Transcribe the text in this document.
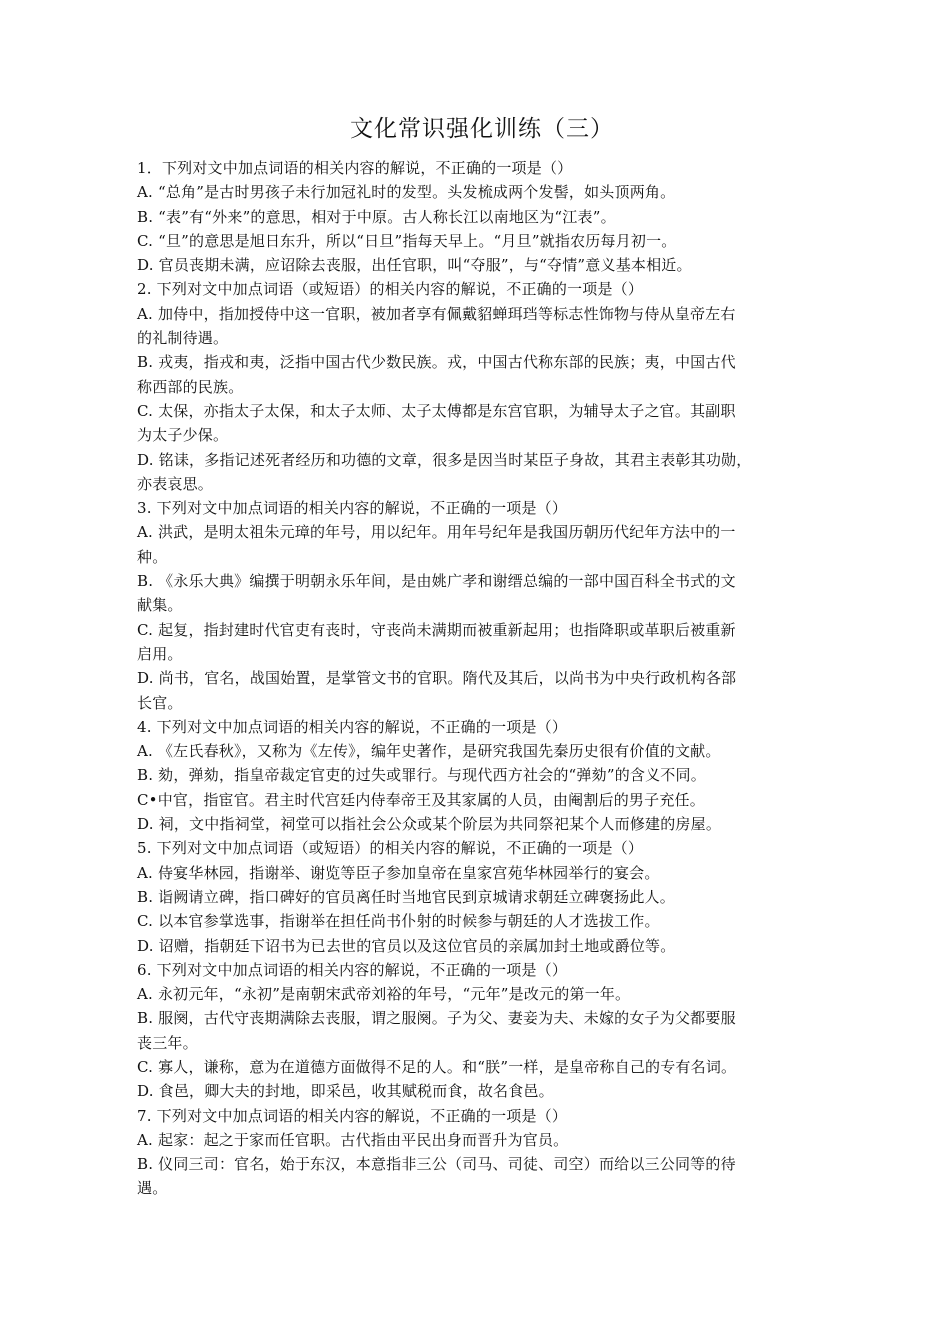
文化常识强化训练（三）
1．下列对文中加点词语的相关内容的解说，不正确的一项是（）
A. “总角”是古时男孩子未行加冠礼时的发型。头发梳成两个发髻，如头顶两角。
B. “表”有“外来”的意思，相对于中原。古人称长江以南地区为“江表”。
C. “旦”的意思是旭日东升，所以“日旦”指每天早上。“月旦”就指农历每月初一。
D. 官员丧期未满，应诏除去丧服，出任官职，叫“夺服”，与“夺情”意义基本相近。
2. 下列对文中加点词语（或短语）的相关内容的解说，不正确的一项是（）
A. 加侍中，指加授侍中这一官职，被加者享有佩戴貂蝉珥珰等标志性饰物与侍从皇帝左右
的礼制待遇。
B. 戎夷，指戎和夷，泛指中国古代少数民族。戎，中国古代称东部的民族；夷，中国古代
称西部的民族。
C. 太保，亦指太子太保，和太子太师、太子太傅都是东宫官职，为辅导太子之官。其副职
为太子少保。
D. 铭诔，多指记述死者经历和功德的文章，很多是因当时某臣子身故，其君主表彰其功勋，
亦表哀思。
3. 下列对文中加点词语的相关内容的解说，不正确的一项是（）
A. 洪武，是明太祖朱元璋的年号，用以纪年。用年号纪年是我国历朝历代纪年方法中的一
种。
B. 《永乐大典》编撰于明朝永乐年间，是由姚广孝和谢缙总编的一部中国百科全书式的文
献集。
C. 起复，指封建时代官吏有丧时，守丧尚未满期而被重新起用；也指降职或革职后被重新
启用。
D. 尚书，官名，战国始置，是掌管文书的官职。隋代及其后，以尚书为中央行政机构各部
长官。
4. 下列对文中加点词语的相关内容的解说，不正确的一项是（）
A. 《左氏春秋》，又称为《左传》，编年史著作，是研究我国先秦历史很有价值的文献。
B. 劾，弹劾，指皇帝裁定官吏的过失或罪行。与现代西方社会的“弹劾”的含义不同。
C•中官，指宦官。君主时代宫廷内侍奉帝王及其家属的人员，由阉割后的男子充任。
D. 祠，文中指祠堂，祠堂可以指社会公众或某个阶层为共同祭祀某个人而修建的房屋。
5. 下列对文中加点词语（或短语）的相关内容的解说，不正确的一项是（）
A. 侍宴华林园，指谢举、谢览等臣子参加皇帝在皇家宫苑华林园举行的宴会。
B. 诣阙请立碑，指口碑好的官员离任时当地官民到京城请求朝廷立碑褒扬此人。
C. 以本官参掌选事，指谢举在担任尚书仆射的时候参与朝廷的人才选拔工作。
D. 诏赠，指朝廷下诏书为已去世的官员以及这位官员的亲属加封土地或爵位等。
6. 下列对文中加点词语的相关内容的解说，不正确的一项是（）
A. 永初元年，“永初”是南朝宋武帝刘裕的年号，“元年”是改元的第一年。
B. 服阕，古代守丧期满除去丧服，谓之服阕。子为父、妻妾为夫、未嫁的女子为父都要服
丧三年。
C. 寡人，谦称，意为在道德方面做得不足的人。和“朕”一样，是皇帝称自己的专有名词。
D. 食邑，卿大夫的封地，即采邑，收其赋税而食，故名食邑。
7. 下列对文中加点词语的相关内容的解说，不正确的一项是（）
A. 起家：起之于家而任官职。古代指由平民出身而晋升为官员。
B. 仪同三司：官名，始于东汉，本意指非三公（司马、司徒、司空）而给以三公同等的待
遇。
